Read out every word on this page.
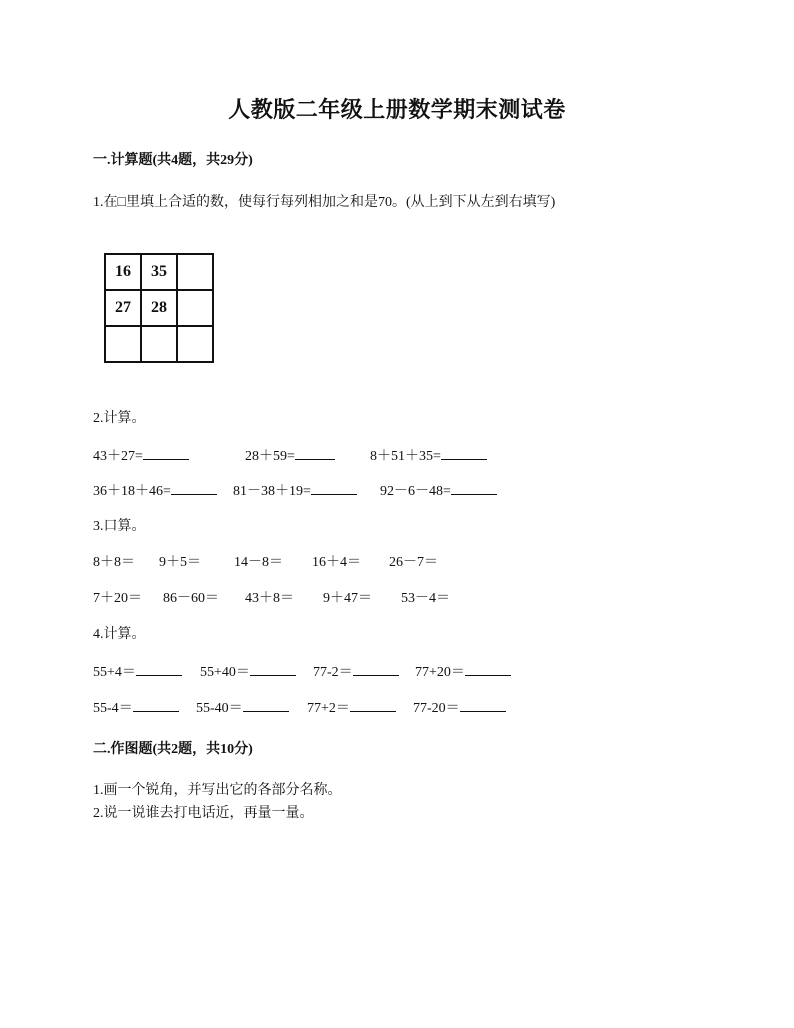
人教版二年级上册数学期末测试卷
一.计算题(共4题，共29分)
1.在□里填上合适的数，使每行每列相加之和是70。(从上到下从左到右填写)
16	35
27	28
2.计算。
43＋27=	28＋59=	8＋51＋35=
36＋18＋46=	81－38＋19=	92－6－48=
3.口算。
8＋8＝ 9＋5＝ 14－8＝ 16＋4＝ 26－7＝
7＋20＝ 86－60＝ 43＋8＝ 9＋47＝ 53－4＝
4.计算。
55+4＝	55+40＝	77-2＝	77+20＝
55-4＝	55-40＝	77+2＝	77-20＝
二.作图题(共2题，共10分)
1.画一个锐角，并写出它的各部分名称。
2.说一说谁去打电话近，再量一量。
